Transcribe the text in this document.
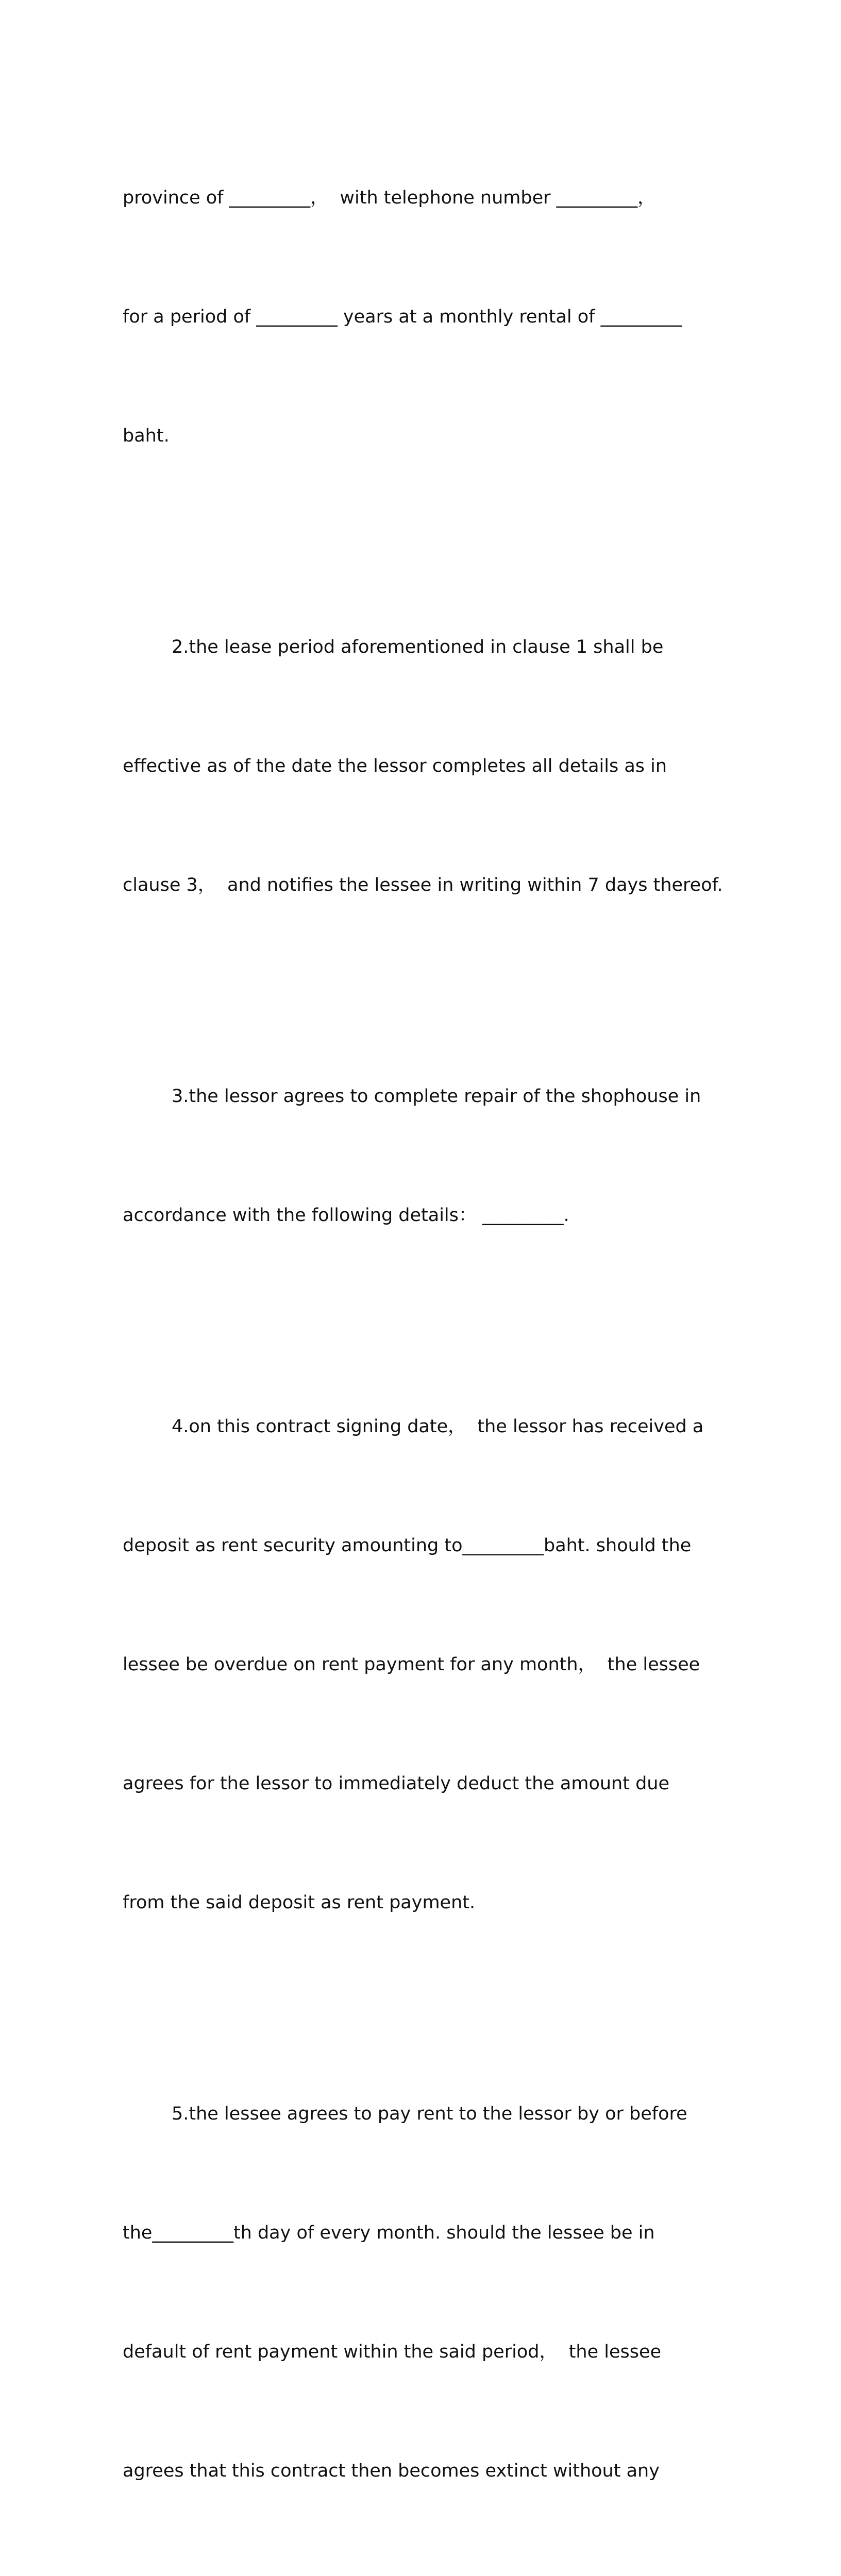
province of _________，  with telephone number _________，

for a period of _________ years at a monthly rental of _________

baht.

2.the lease period aforementioned in clause 1 shall be

effective as of the date the lessor completes all details as in

clause 3，  and notifies the lessee in writing within 7 days thereof.

3.the lessor agrees to complete repair of the shophouse in

accordance with the following details： _________.

4.on this contract signing date，  the lessor has received a

deposit as rent security amounting to_________baht. should the

lessee be overdue on rent payment for any month，  the lessee

agrees for the lessor to immediately deduct the amount due

from the said deposit as rent payment.

5.the lessee agrees to pay rent to the lessor by or before

the_________th day of every month. should the lessee be in

default of rent payment within the said period，  the lessee

agrees that this contract then becomes extinct without any
